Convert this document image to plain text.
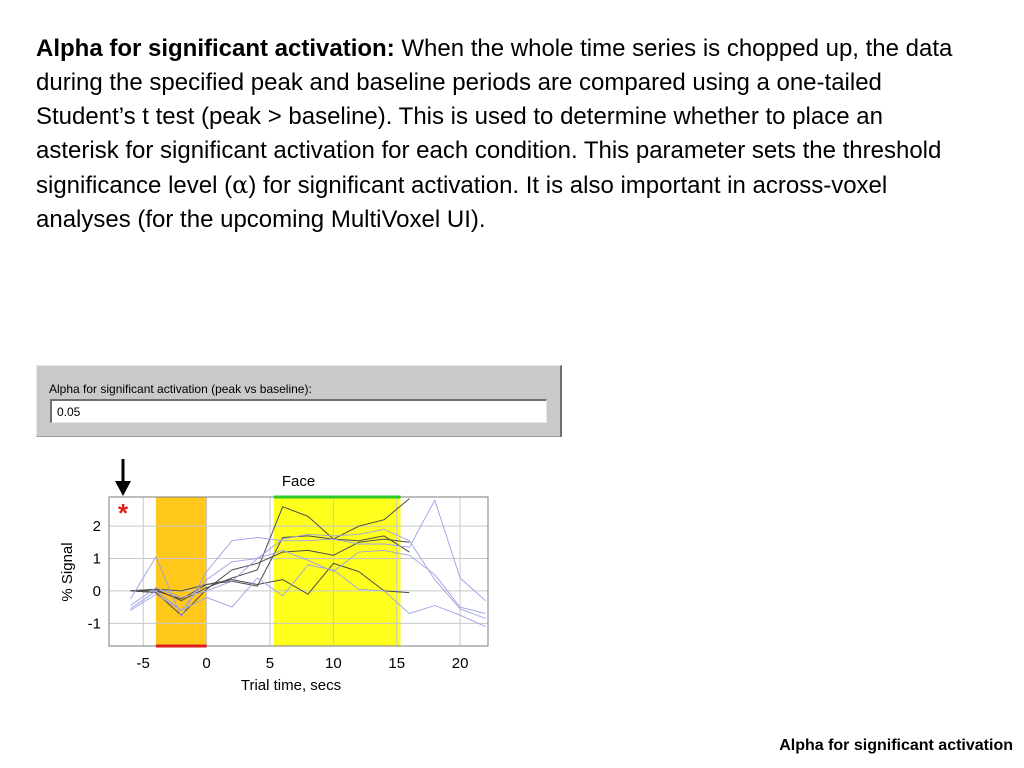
Alpha for significant activation: When the whole time series is chopped up, the data during the specified peak and baseline periods are compared using a one-tailed Student’s t test (peak > baseline). This is used to determine whether to place an asterisk for significant activation for each condition. This parameter sets the threshold significance level (α) for significant activation. It is also important in across-voxel analyses (for the upcoming MultiVoxel UI).
Alpha for significant activation (peak vs baseline):
0.05
-5	0	5	10	15	20
-1
0
1
2
Face
Trial time, secs
% Signal
*
Alpha for significant activation
